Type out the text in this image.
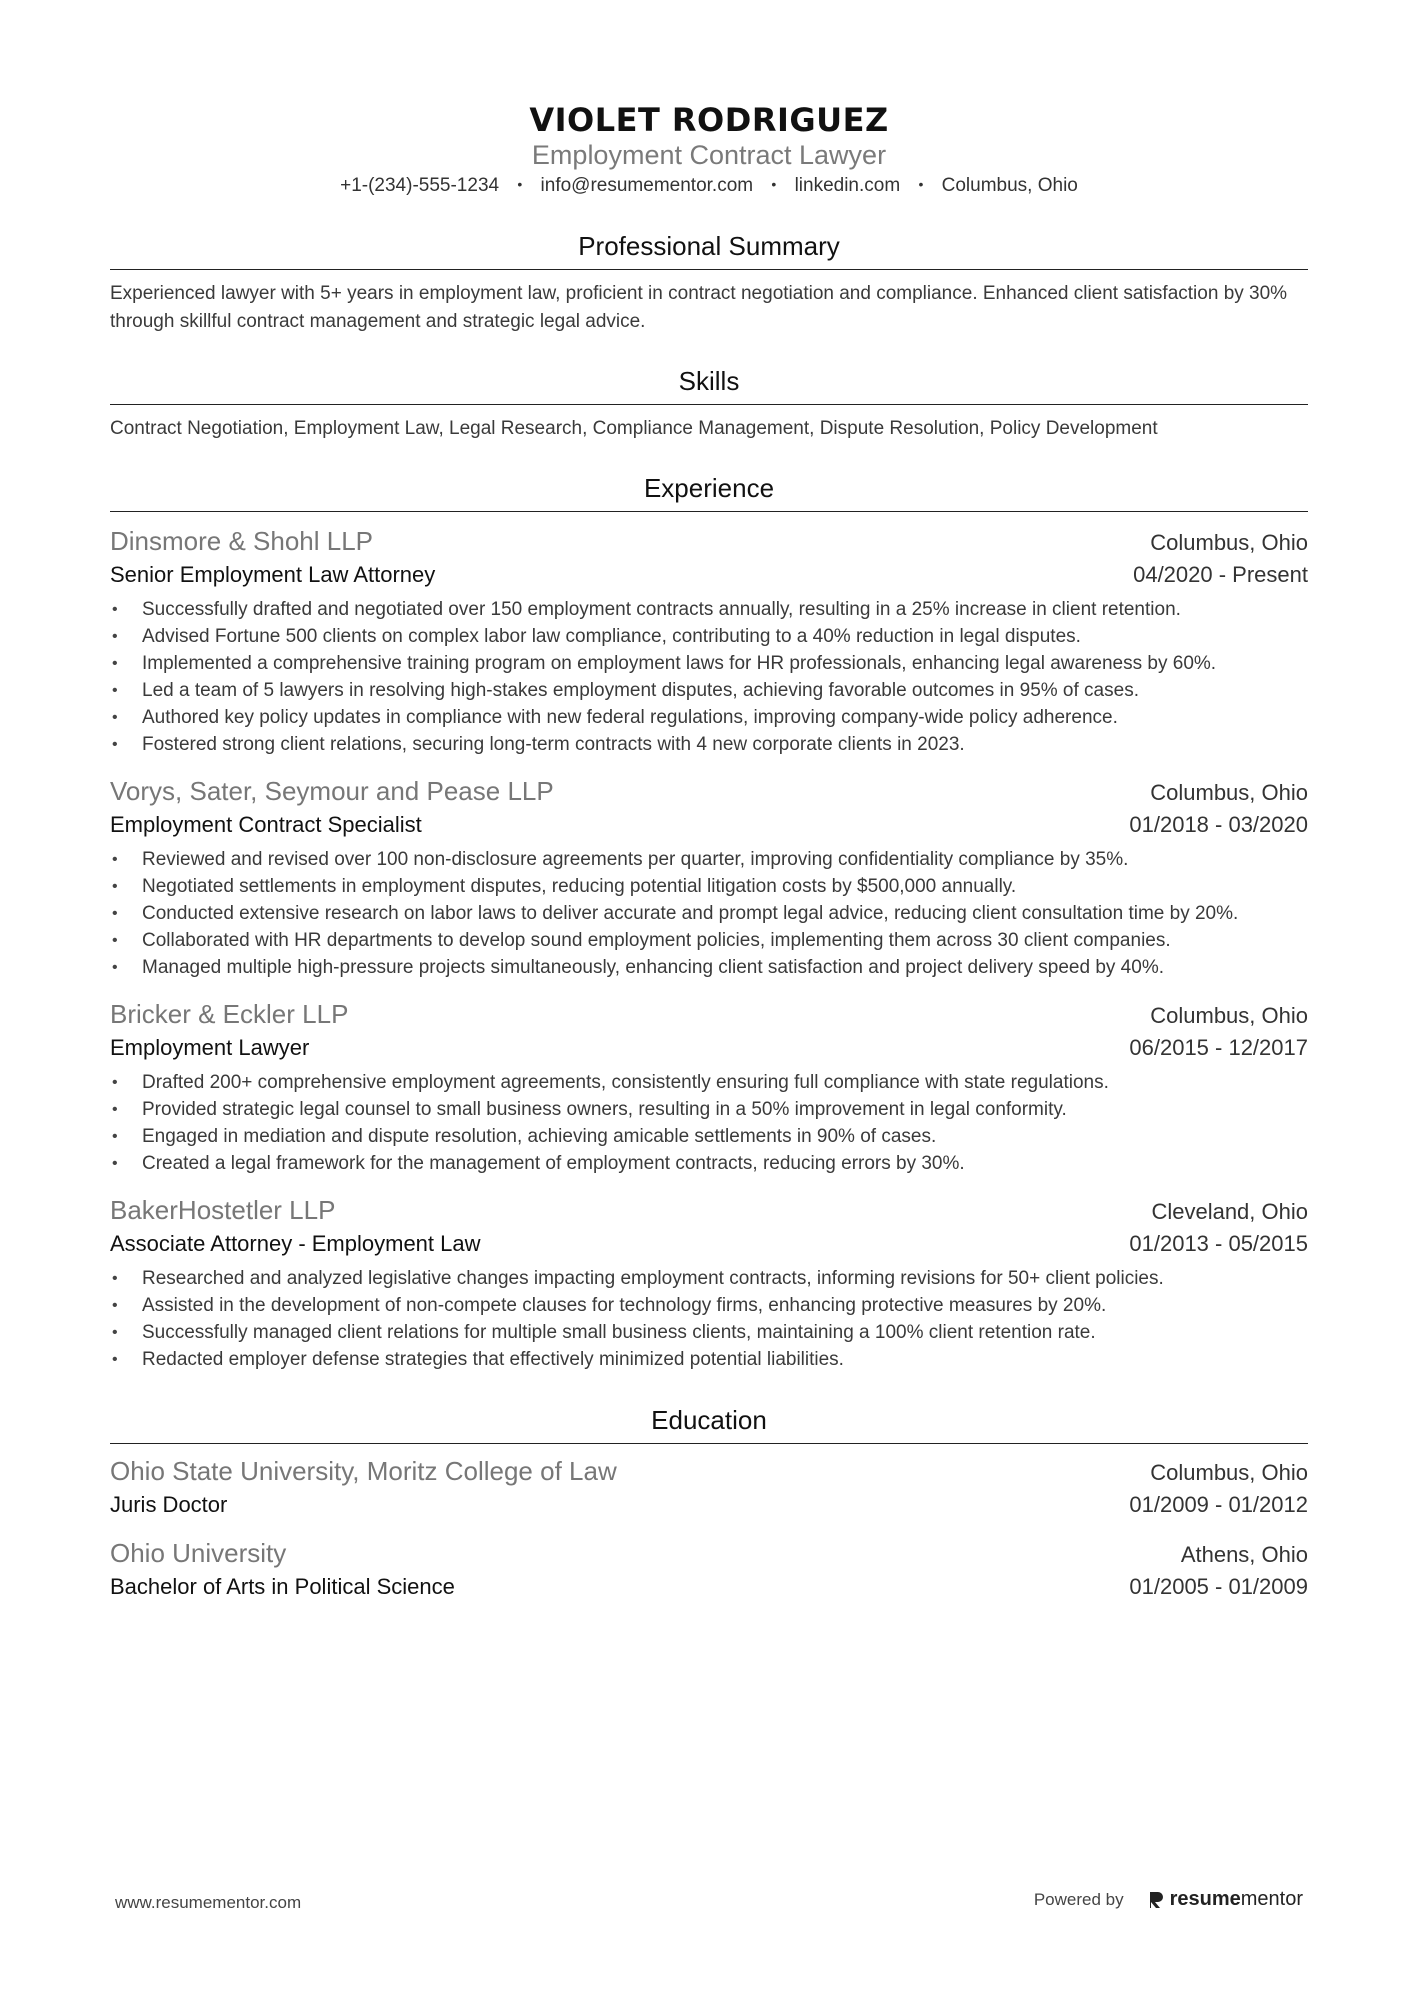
VIOLET RODRIGUEZ
Employment Contract Lawyer
+1-(234)-555-1234 • info@resumementor.com • linkedin.com • Columbus, Ohio
Professional Summary
Experienced lawyer with 5+ years in employment law, proficient in contract negotiation and compliance. Enhanced client satisfaction by 30% through skillful contract management and strategic legal advice.
Skills
Contract Negotiation, Employment Law, Legal Research, Compliance Management, Dispute Resolution, Policy Development
Experience
Dinsmore & Shohl LLP	Columbus, Ohio
Senior Employment Law Attorney	04/2020 - Present
• Successfully drafted and negotiated over 150 employment contracts annually, resulting in a 25% increase in client retention.
• Advised Fortune 500 clients on complex labor law compliance, contributing to a 40% reduction in legal disputes.
• Implemented a comprehensive training program on employment laws for HR professionals, enhancing legal awareness by 60%.
• Led a team of 5 lawyers in resolving high-stakes employment disputes, achieving favorable outcomes in 95% of cases.
• Authored key policy updates in compliance with new federal regulations, improving company-wide policy adherence.
• Fostered strong client relations, securing long-term contracts with 4 new corporate clients in 2023.
Vorys, Sater, Seymour and Pease LLP	Columbus, Ohio
Employment Contract Specialist	01/2018 - 03/2020
• Reviewed and revised over 100 non-disclosure agreements per quarter, improving confidentiality compliance by 35%.
• Negotiated settlements in employment disputes, reducing potential litigation costs by $500,000 annually.
• Conducted extensive research on labor laws to deliver accurate and prompt legal advice, reducing client consultation time by 20%.
• Collaborated with HR departments to develop sound employment policies, implementing them across 30 client companies.
• Managed multiple high-pressure projects simultaneously, enhancing client satisfaction and project delivery speed by 40%.
Bricker & Eckler LLP	Columbus, Ohio
Employment Lawyer	06/2015 - 12/2017
• Drafted 200+ comprehensive employment agreements, consistently ensuring full compliance with state regulations.
• Provided strategic legal counsel to small business owners, resulting in a 50% improvement in legal conformity.
• Engaged in mediation and dispute resolution, achieving amicable settlements in 90% of cases.
• Created a legal framework for the management of employment contracts, reducing errors by 30%.
BakerHostetler LLP	Cleveland, Ohio
Associate Attorney - Employment Law	01/2013 - 05/2015
• Researched and analyzed legislative changes impacting employment contracts, informing revisions for 50+ client policies.
• Assisted in the development of non-compete clauses for technology firms, enhancing protective measures by 20%.
• Successfully managed client relations for multiple small business clients, maintaining a 100% client retention rate.
• Redacted employer defense strategies that effectively minimized potential liabilities.
Education
Ohio State University, Moritz College of Law	Columbus, Ohio
Juris Doctor	01/2009 - 01/2012
Ohio University	Athens, Ohio
Bachelor of Arts in Political Science	01/2005 - 01/2009
www.resumementor.com	Powered by resumementor
